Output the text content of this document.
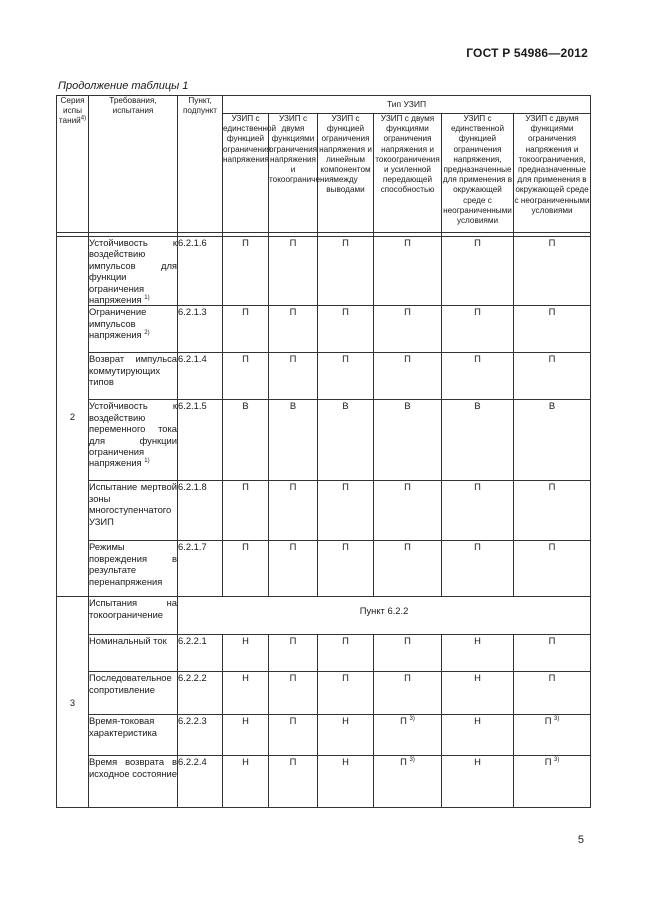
ГОСТ Р 54986—2012
Продолжение таблицы 1
Серия испы таний$^{4)}$	Требования, испытания	Пункт, подпункт	Тип УЗИП					
			УЗИП с единственной функцией ограничения напряжения	УЗИП с двумя функциями ограничения напряжения и токоограничения	УЗИП с функцией ограничения напряжения и линейным компонентом между выводами	УЗИП с двумя функциями ограничения напряжения и токоограничения и усиленной передающей способностью	УЗИП с единственной функцией ограничения напряжения, предназначенные для применения в окружающей среде с неограниченными условиями	УЗИП с двумя функциями ограничения напряжения и токоограничения, предназначенные для применения в окружающей среде с неограниченными условиями

2	Устойчивость к воздействию импульсов для функции ограничения напряжения $^{1)}$	6.2.1.6	П	П	П	П	П	П
	Ограничение импульсов напряжения $^{2)}$	6.2.1.3	П	П	П	П	П	П
	Возврат импульса коммутирующих типов	6.2.1.4	П	П	П	П	П	П
	Устойчивость к воздействию переменного тока для функции ограничения напряжения $^{1)}$	6.2.1.5	В	В	В	В	В	В
	Испытание мертвой зоны многоступенчатого УЗИП	6.2.1.8	П	П	П	П	П	П
	Режимы повреждения в результате перенапряжения	6.2.1.7	П	П	П	П	П	П
3	Испытания на токоограничение	Пункт 6.2.2						
	Номинальный ток	6.2.2.1	Н	П	П	П	Н	П
	Последовательное сопротивление	6.2.2.2	Н	П	П	П	Н	П
	Время-токовая характеристика	6.2.2.3	Н	П	Н	П $^{3)}$	Н	П $^{3)}$
	Время возврата в исходное состояние	6.2.2.4	Н	П	Н	П $^{3)}$	Н	П $^{3)}$
5
